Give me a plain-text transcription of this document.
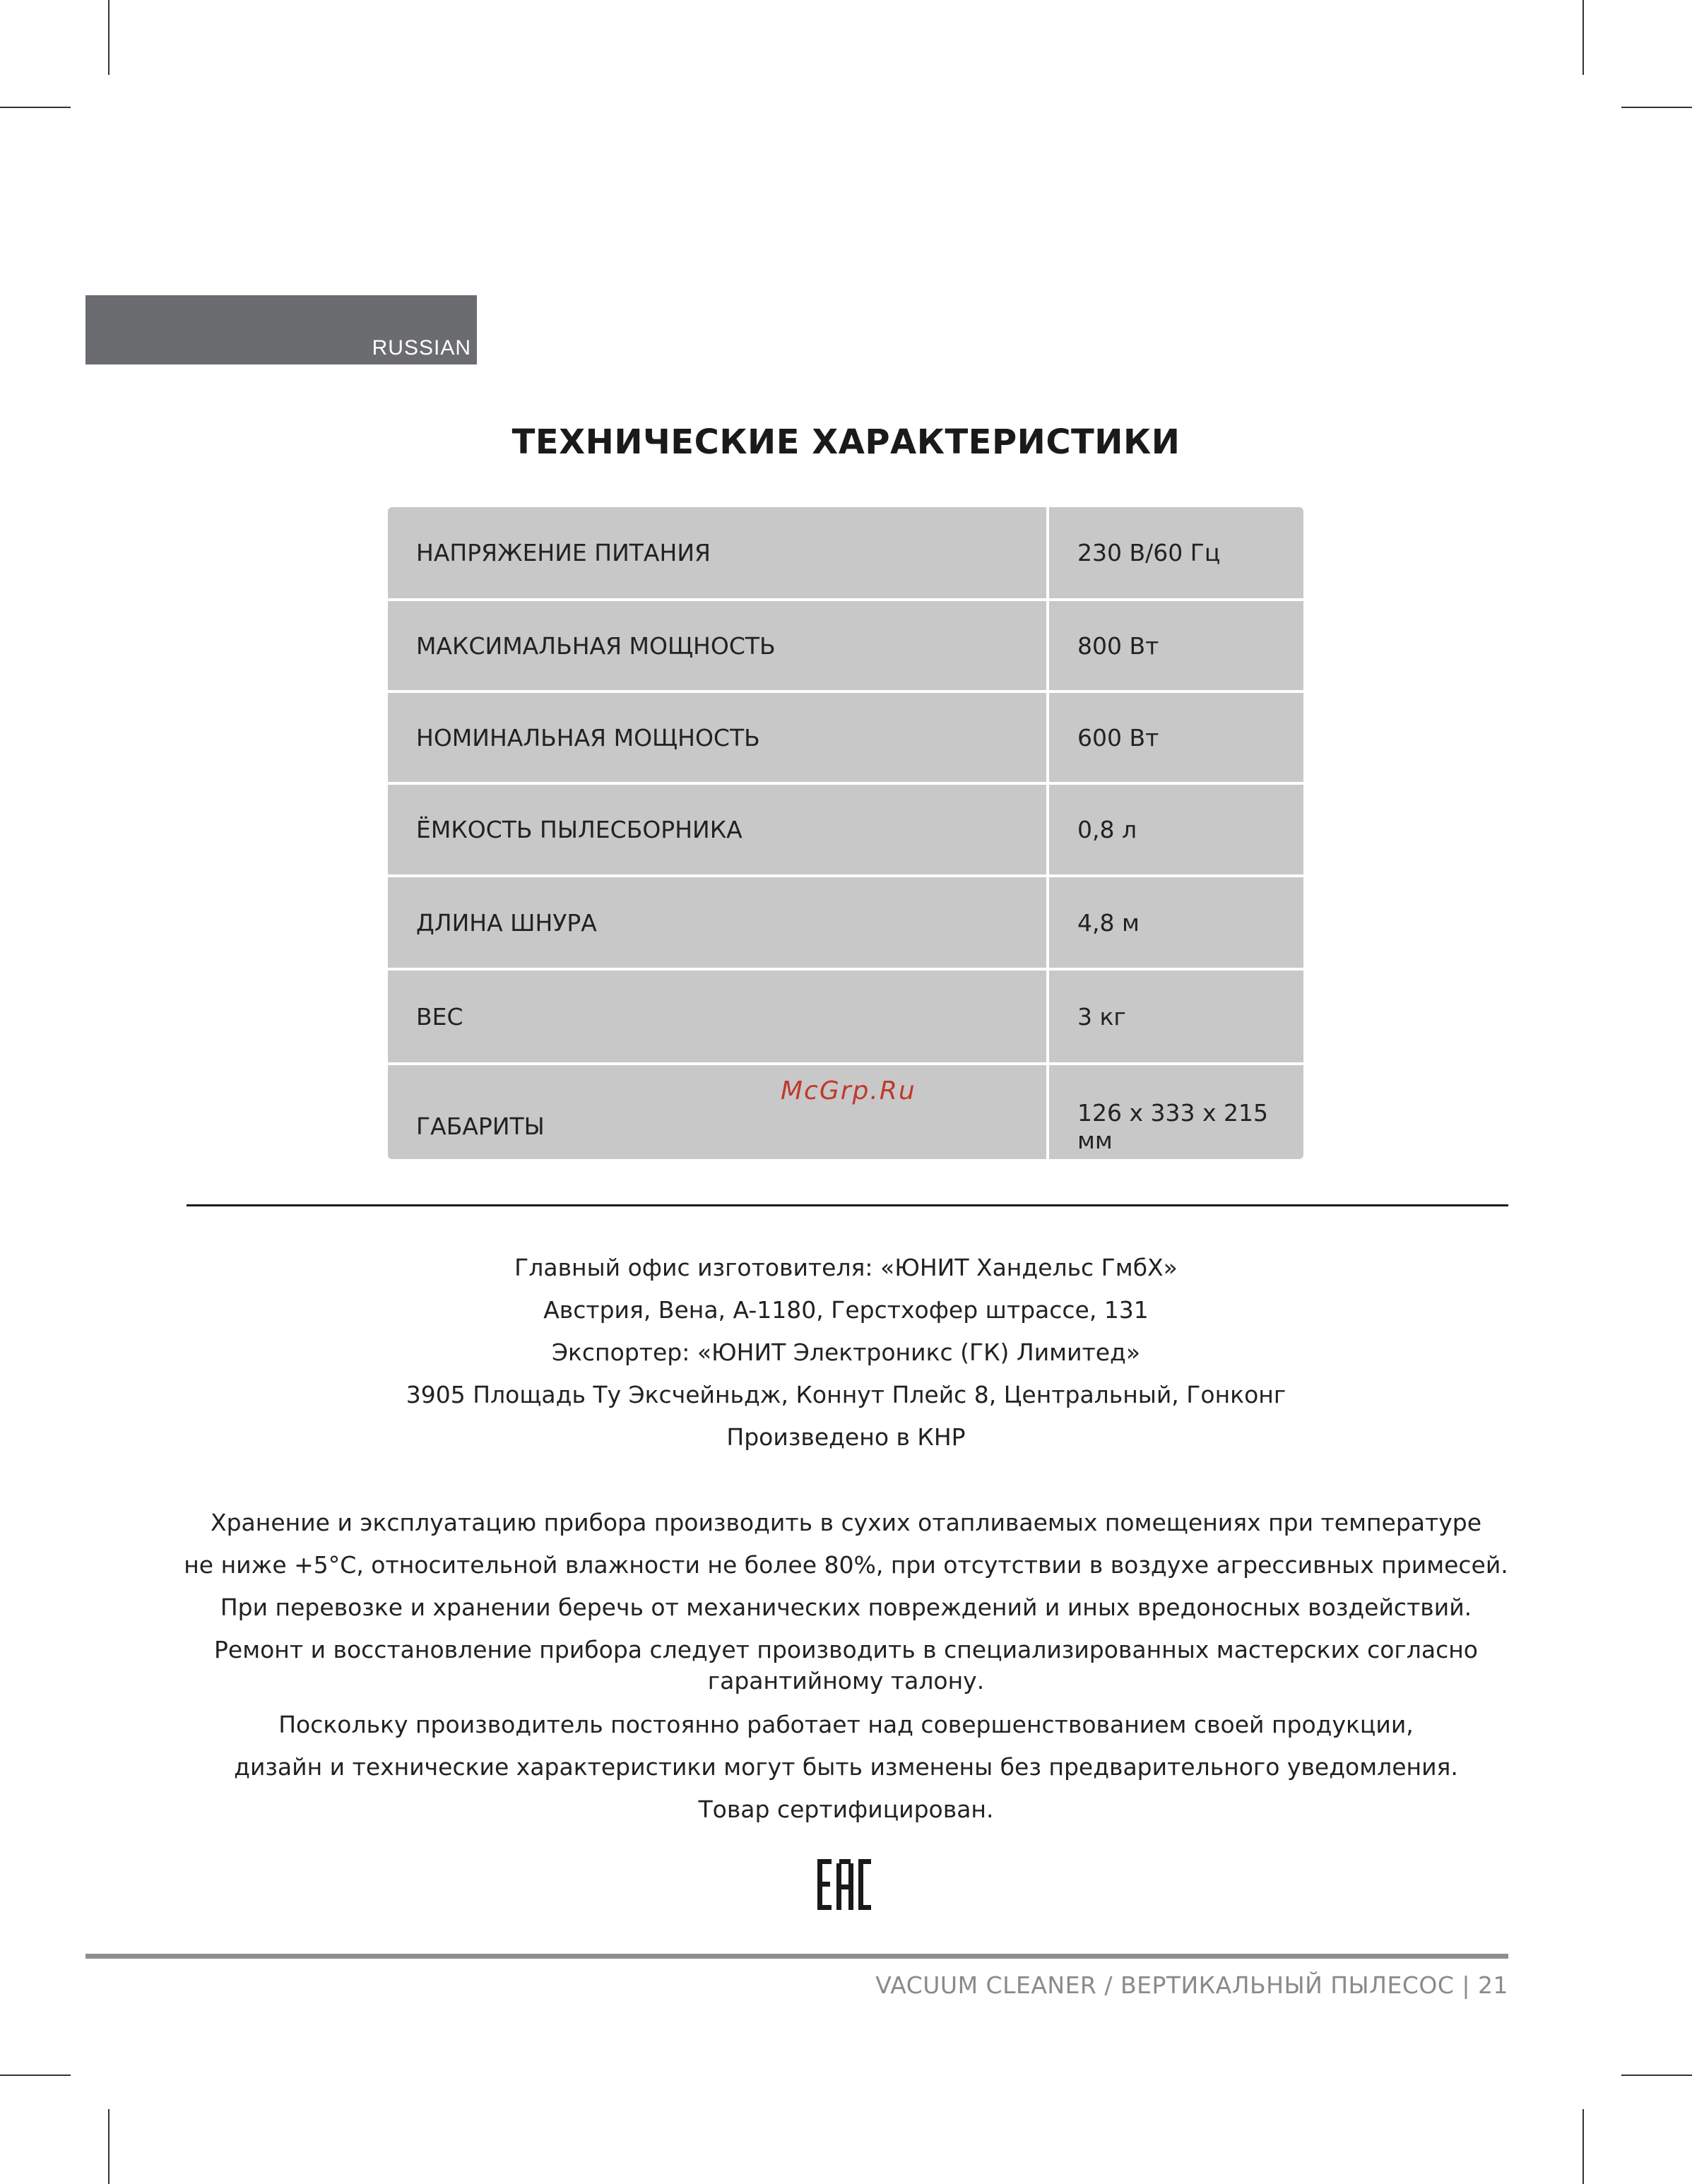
RUSSIAN
ТЕХНИЧЕСКИЕ ХАРАКТЕРИСТИКИ
НАПРЯЖЕНИЕ ПИТАНИЯ	230 В/60 Гц
МАКСИМАЛЬНАЯ МОЩНОСТЬ	800 Вт
НОМИНАЛЬНАЯ МОЩНОСТЬ	600 Вт
ЁМКОСТЬ ПЫЛЕСБОРНИКА	0,8 л
ДЛИНА ШНУРА	4,8 м
ВЕС	3 кг
ГАБАРИТЫ	126 x 333 x 215 мм
McGrp.Ru
Главный офис изготовителя: «ЮНИТ Хандельс ГмбХ»
Австрия, Вена, A-1180, Герстхофер штрассе, 131
Экспортер: «ЮНИТ Электроникс (ГК) Лимитед»
3905 Площадь Ту Эксчейньдж, Коннут Плейс 8, Центральный, Гонконг
Произведено в КНР
Хранение и эксплуатацию прибора производить в сухих отапливаемых помещениях при температуре
не ниже +5°С, относительной влажности не более 80%, при отсутствии в воздухе агрессивных примесей.
При перевозке и хранении беречь от механических повреждений и иных вредоносных воздействий.
Ремонт и восстановление прибора следует производить в специализированных мастерских согласно
гарантийному талону.
Поскольку производитель постоянно работает над совершенствованием своей продукции,
дизайн и технические характеристики могут быть изменены без предварительного уведомления.
Товар сертифицирован.
VACUUM CLEANER / ВЕРТИКАЛЬНЫЙ ПЫЛЕСОС | 21
